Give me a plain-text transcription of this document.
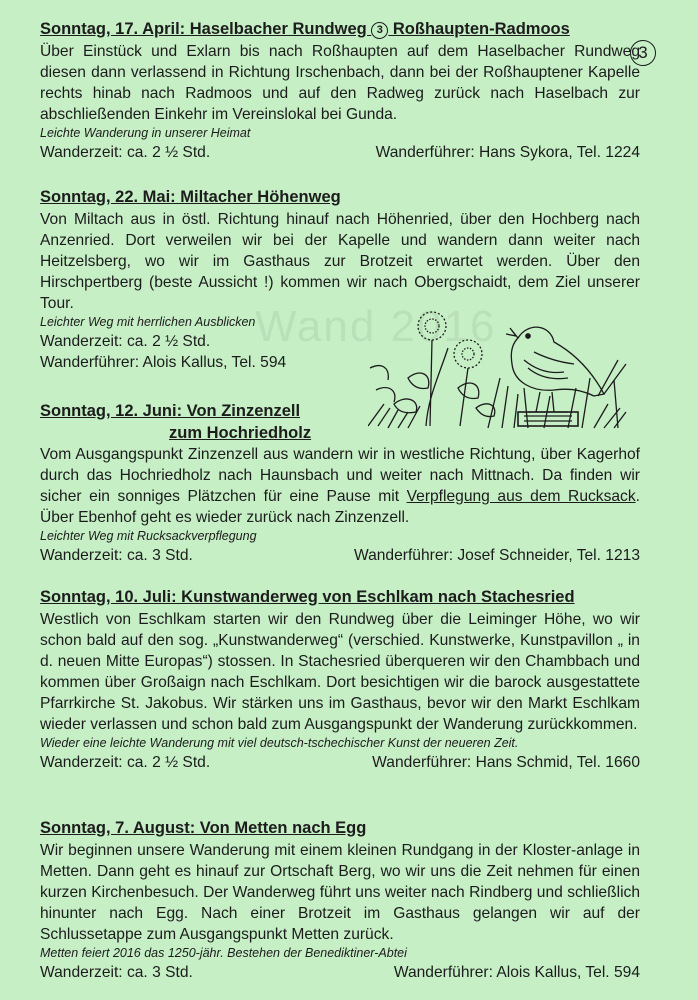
Wand 2016
Sonntag, 17. April: Haselbacher Rundweg 3 Roßhaupten-Radmoos
Über Einstück und Exlarn bis nach Roßhaupten auf dem Haselbacher Rundweg diesen dann verlassend in Richtung Irschenbach, dann bei der Roßhauptener Kapelle rechts hinab nach Radmoos und auf den Radweg zurück nach Haselbach zur abschließenden Einkehr im Vereinslokal bei Gunda.
Leichte Wanderung in unserer Heimat
Wanderzeit: ca. 2 ½ Std.	Wanderführer: Hans Sykora, Tel. 1224
3
Sonntag, 22. Mai: Miltacher Höhenweg
Von Miltach aus in östl. Richtung hinauf nach Höhenried, über den Hochberg nach Anzenried. Dort verweilen wir bei der Kapelle und wandern dann weiter nach Heitzelsberg, wo wir im Gasthaus zur Brotzeit erwartet werden. Über den Hirschpertberg (beste Aussicht !) kommen wir nach Obergschaidt, dem Ziel unserer Tour.
Leichter Weg mit herrlichen Ausblicken
Wanderzeit: ca. 2 ½ Std.
Wanderführer: Alois Kallus, Tel. 594
Sonntag, 12. Juni: Von Zinzenzell
zum Hochriedholz
Vom Ausgangspunkt Zinzenzell aus wandern wir in westliche Richtung, über Kagerhof durch das Hochriedholz nach Haunsbach und weiter nach Mittnach. Da finden wir sicher ein sonniges Plätzchen für eine Pause mit Verpflegung aus dem Rucksack. Über Ebenhof geht es wieder zurück nach Zinzenzell.
Leichter Weg mit Rucksackverpflegung
Wanderzeit: ca. 3 Std.	Wanderführer: Josef Schneider, Tel. 1213
Sonntag, 10. Juli: Kunstwanderweg von Eschlkam nach Stachesried
Westlich von Eschlkam starten wir den Rundweg über die Leiminger Höhe, wo wir schon bald auf den sog. „Kunstwanderweg“ (verschied. Kunstwerke, Kunstpavillon „ in d. neuen Mitte Europas“) stossen. In Stachesried überqueren wir den Chambbach und kommen über Großaign nach Eschlkam. Dort besichtigen wir die barock ausgestattete Pfarrkirche St. Jakobus. Wir stärken uns im Gasthaus, bevor wir den Markt Eschlkam wieder verlassen und schon bald zum Ausgangspunkt der Wanderung zurückkommen.
Wieder eine leichte Wanderung mit viel deutsch-tschechischer Kunst der neueren Zeit.
Wanderzeit: ca. 2 ½ Std.	Wanderführer: Hans Schmid, Tel. 1660
Sonntag, 7. August: Von Metten nach Egg
Wir beginnen unsere Wanderung mit einem kleinen Rundgang in der Kloster-anlage in Metten. Dann geht es hinauf zur Ortschaft Berg, wo wir uns die Zeit nehmen für einen kurzen Kirchenbesuch. Der Wanderweg führt uns weiter nach Rindberg und schließlich hinunter nach Egg. Nach einer Brotzeit im Gasthaus gelangen wir auf der Schlussetappe zum Ausgangspunkt Metten zurück.
Metten feiert 2016 das 1250-jähr. Bestehen der Benediktiner-Abtei
Wanderzeit: ca. 3 Std.	Wanderführer: Alois Kallus, Tel. 594
